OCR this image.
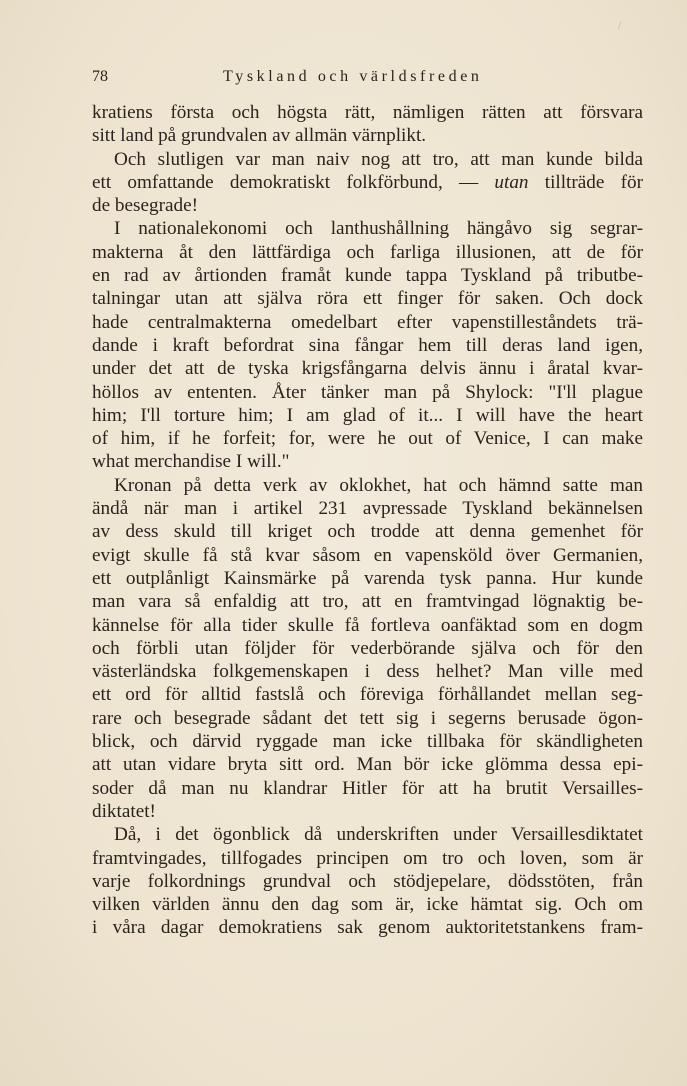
/
78	Tyskland och världsfreden
kratiens första och högsta rätt, nämligen rätten att försvara
sitt land på grundvalen av allmän värnplikt.
Och slutligen var man naiv nog att tro, att man kunde bilda
ett omfattande demokratiskt folkförbund, — utan tillträde för
de besegrade!
I nationalekonomi och lanthushållning hängåvo sig segrar-
makterna åt den lättfärdiga och farliga illusionen, att de för
en rad av årtionden framåt kunde tappa Tyskland på tributbe-
talningar utan att själva röra ett finger för saken. Och dock
hade centralmakterna omedelbart efter vapenstilleståndets trä-
dande i kraft befordrat sina fångar hem till deras land igen,
under det att de tyska krigsfångarna delvis ännu i åratal kvar-
höllos av ententen. Åter tänker man på Shylock: "I'll plague
him; I'll torture him; I am glad of it... I will have the heart
of him, if he forfeit; for, were he out of Venice, I can make
what merchandise I will."
Kronan på detta verk av oklokhet, hat och hämnd satte man
ändå när man i artikel 231 avpressade Tyskland bekännelsen
av dess skuld till kriget och trodde att denna gemenhet för
evigt skulle få stå kvar såsom en vapensköld över Germanien,
ett outplånligt Kainsmärke på varenda tysk panna. Hur kunde
man vara så enfaldig att tro, att en framtvingad lögnaktig be-
kännelse för alla tider skulle få fortleva oanfäktad som en dogm
och förbli utan följder för vederbörande själva och för den
västerländska folkgemenskapen i dess helhet? Man ville med
ett ord för alltid fastslå och föreviga förhållandet mellan seg-
rare och besegrade sådant det tett sig i segerns berusade ögon-
blick, och därvid ryggade man icke tillbaka för skändligheten
att utan vidare bryta sitt ord. Man bör icke glömma dessa epi-
soder då man nu klandrar Hitler för att ha brutit Versailles-
diktatet!
Då, i det ögonblick då underskriften under Versaillesdiktatet
framtvingades, tillfogades principen om tro och loven, som är
varje folkordnings grundval och stödjepelare, dödsstöten, från
vilken världen ännu den dag som är, icke hämtat sig. Och om
i våra dagar demokratiens sak genom auktoritetstankens fram-
